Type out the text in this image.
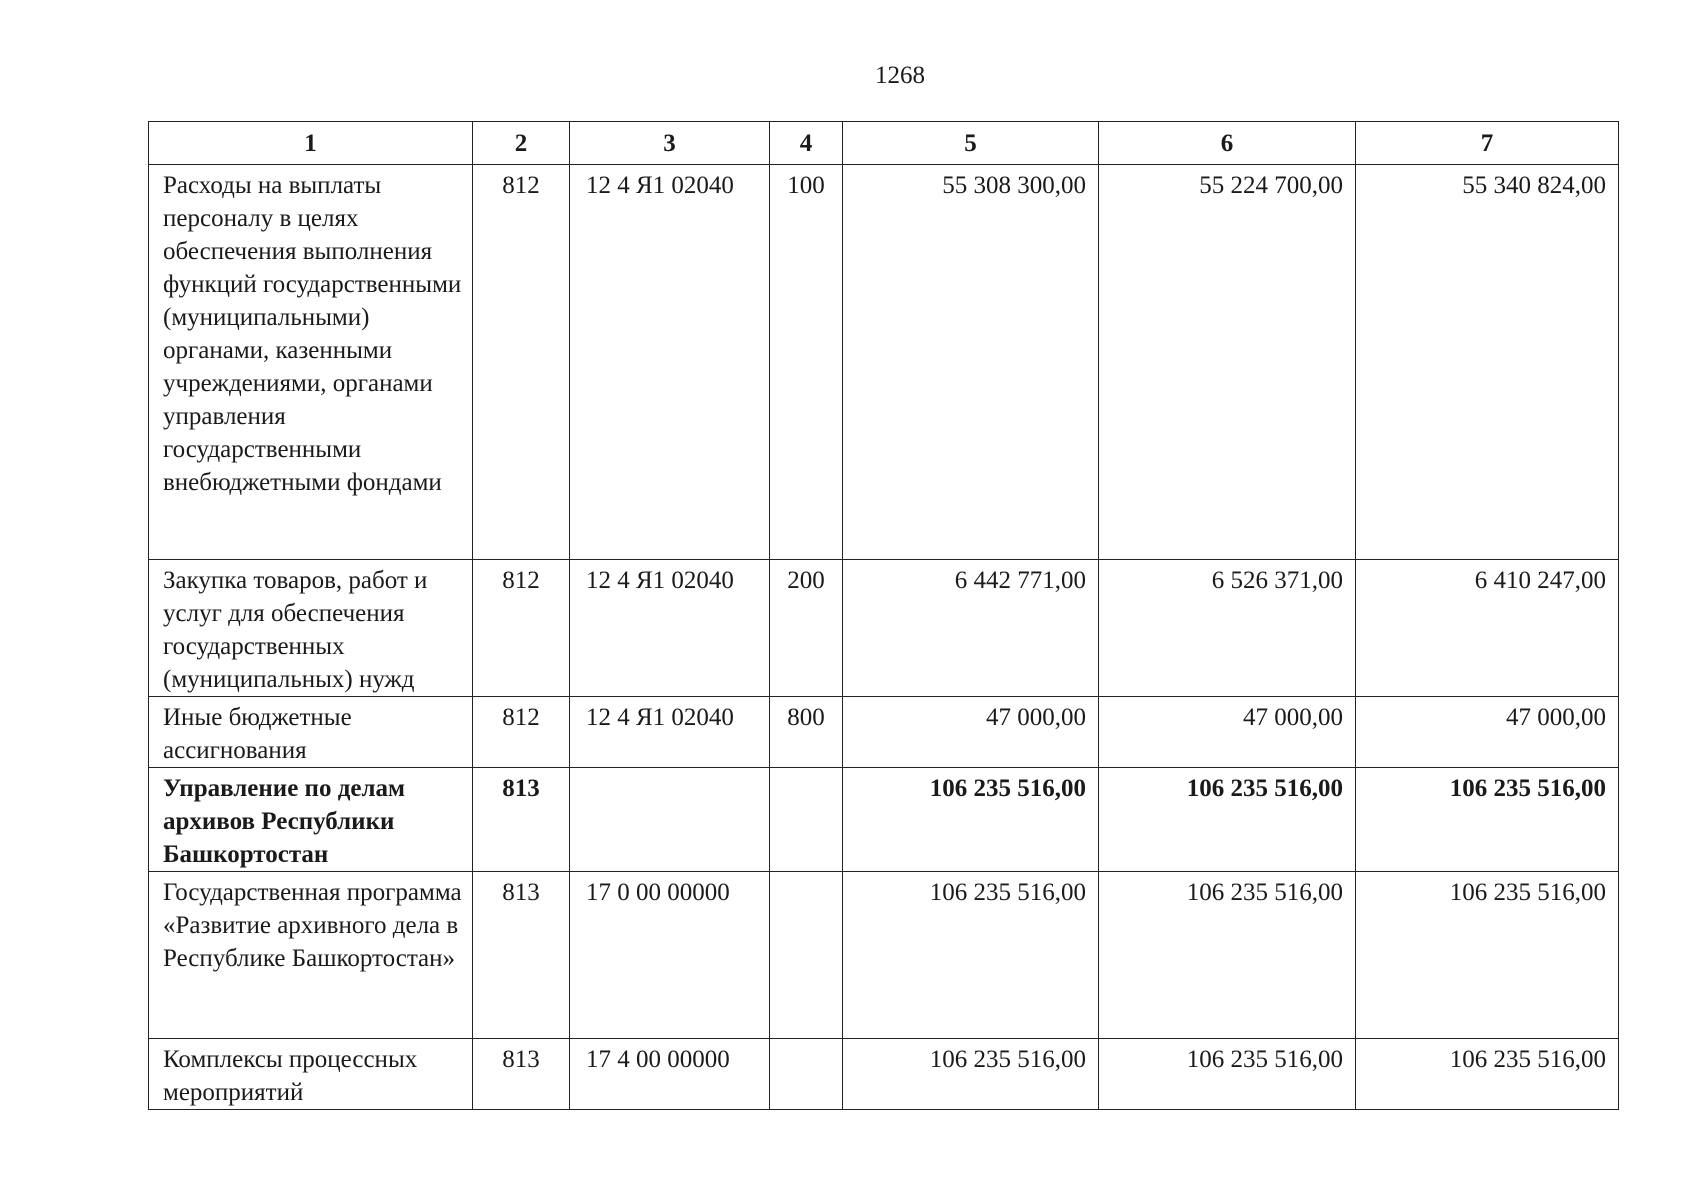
1268
1	2	3	4	5	6	7
Расходы на выплаты персоналу в целях обеспечения выполнения функций государственными (муниципальными) органами, казенными учреждениями, органами управления государственными внебюджетными фондами	812	12 4 Я1 02040	100	55 308 300,00	55 224 700,00	55 340 824,00
Закупка товаров, работ и услуг для обеспечения государственных (муниципальных) нужд	812	12 4 Я1 02040	200	6 442 771,00	6 526 371,00	6 410 247,00
Иные бюджетные ассигнования	812	12 4 Я1 02040	800	47 000,00	47 000,00	47 000,00
Управление по делам архивов Республики Башкортостан	813			106 235 516,00	106 235 516,00	106 235 516,00
Государственная программа «Развитие архивного дела в Республике Башкортостан»	813	17 0 00 00000		106 235 516,00	106 235 516,00	106 235 516,00
Комплексы процессных мероприятий	813	17 4 00 00000		106 235 516,00	106 235 516,00	106 235 516,00
